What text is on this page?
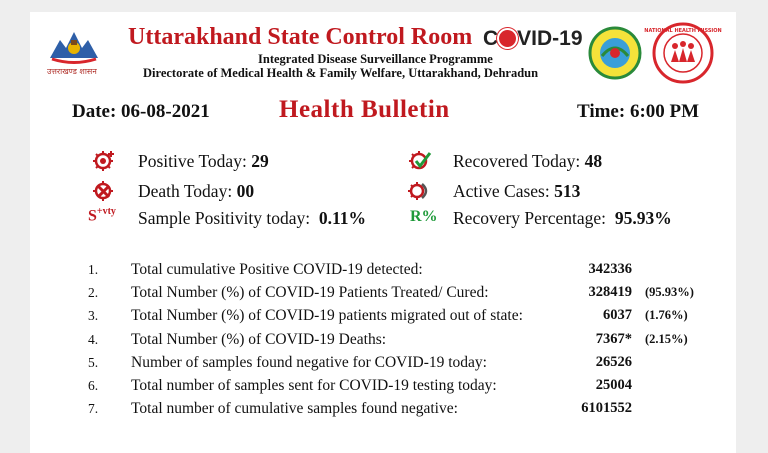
उत्तराखण्ड शासन
Uttarakhand State Control Room C VID-19
Integrated Disease Surveillance Programme
Directorate of Medical Health & Family Welfare, Uttarakhand, Dehradun
NATIONAL HEALTH MISSION
Date: 06-08-2021	Health Bulletin	Time: 6:00 PM
Positive Today: 29	Recovered Today: 48
Death Today: 00	Active Cases: 513
$S^{+vty}$ Sample Positivity today: 0.11%	R% Recovery Percentage: 95.93%
1. Total cumulative Positive COVID-19 detected:	342336
2. Total Number (%) of COVID-19 Patients Treated/ Cured:	328419 (95.93%)
3. Total Number (%) of COVID-19 patients migrated out of state:	6037 (1.76%)
4. Total Number (%) of COVID-19 Deaths:	7367* (2.15%)
5. Number of samples found negative for COVID-19 today:	26526
6. Total number of samples sent for COVID-19 testing today:	25004
7. Total number of cumulative samples found negative:	6101552
